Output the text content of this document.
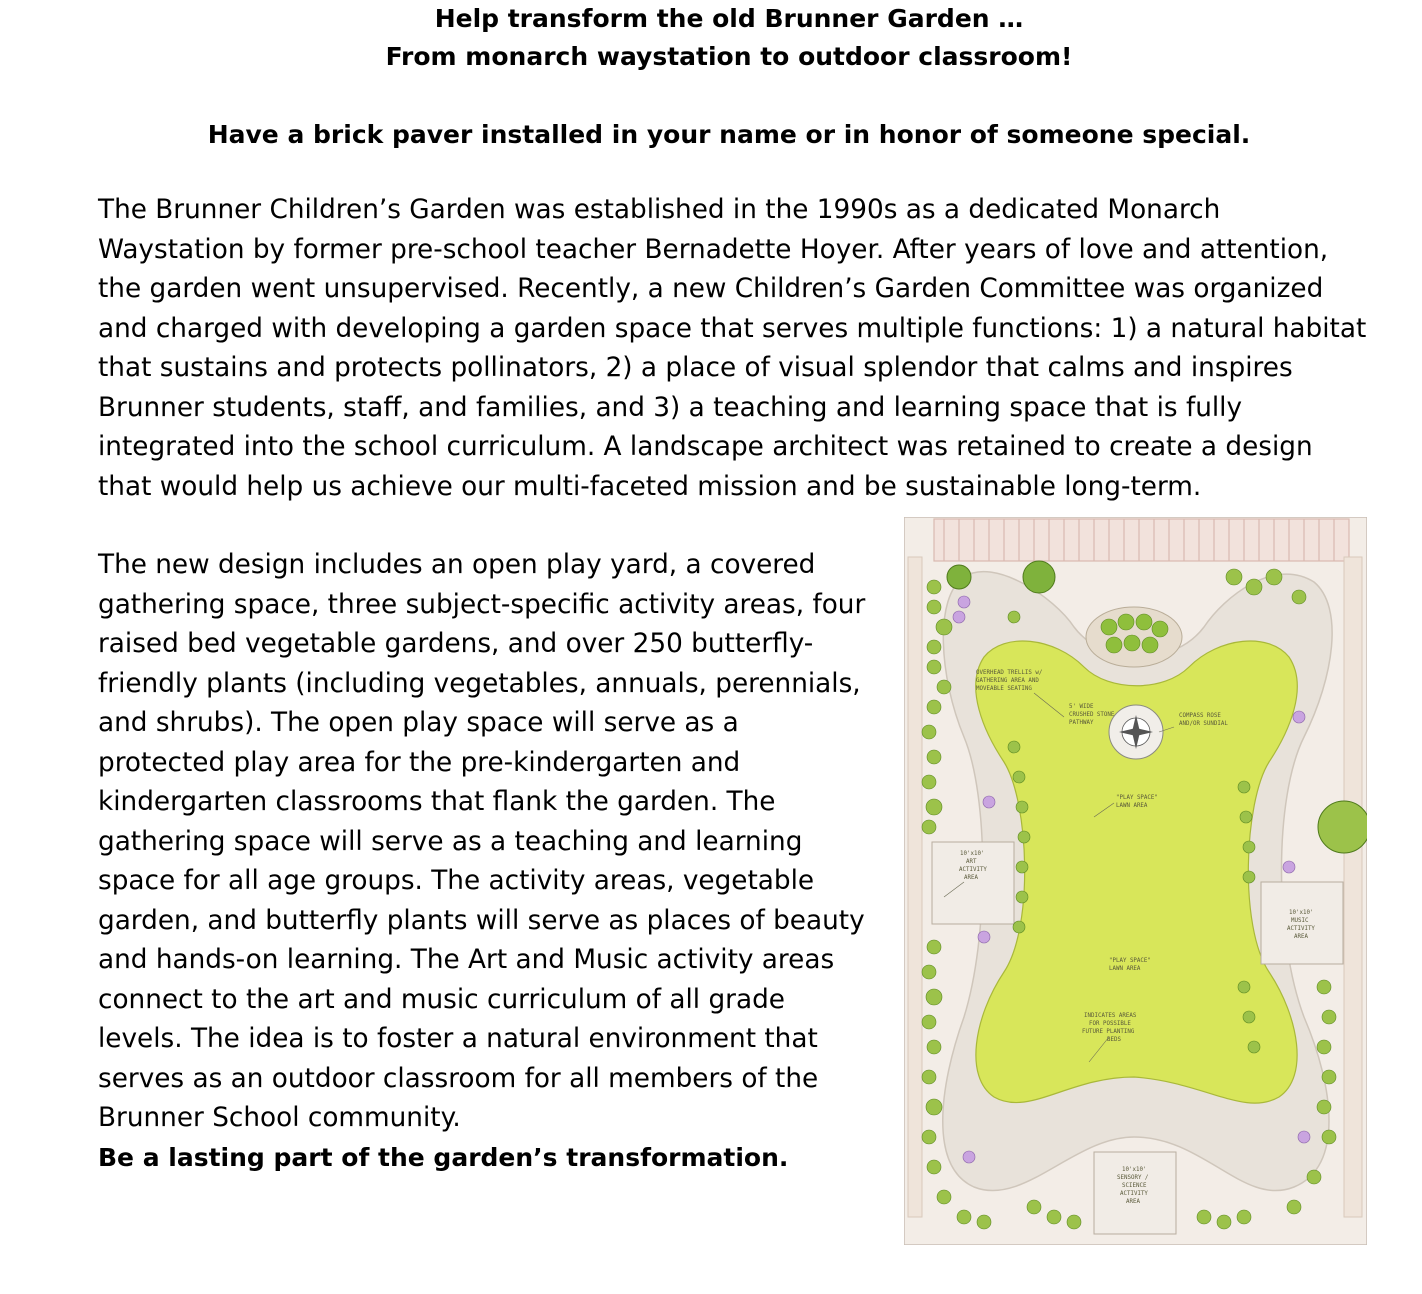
Help transform the old Brunner Garden …
From monarch waystation to outdoor classroom!
Have a brick paver installed in your name or in honor of someone special.

The Brunner Children’s Garden was established in the 1990s as a dedicated Monarch Waystation by former pre-school teacher Bernadette Hoyer. After years of love and attention, the garden went unsupervised. Recently, a new Children’s Garden Committee was organized and charged with developing a garden space that serves multiple functions: 1) a natural habitat that sustains and protects pollinators, 2) a place of visual splendor that calms and inspires Brunner students, staff, and families, and 3) a teaching and learning space that is fully integrated into the school curriculum. A landscape architect was retained to create a design that would help us achieve our multi-faceted mission and be sustainable long-term.

The new design includes an open play yard, a covered gathering space, three subject-specific activity areas, four raised bed vegetable gardens, and over 250 butterfly-friendly plants (including vegetables, annuals, perennials, and shrubs). The open play space will serve as a protected play area for the pre-kindergarten and kindergarten classrooms that flank the garden. The gathering space will serve as a teaching and learning space for all age groups. The activity areas, vegetable garden, and butterfly plants will serve as places of beauty and hands-on learning. The Art and Music activity areas connect to the art and music curriculum of all grade levels. The idea is to foster a natural environment that serves as an outdoor classroom for all members of the Brunner School community.

Be a lasting part of the garden’s transformation.

OVERHEAD TRELLIS w/
GATHERING AREA AND
MOVEABLE SEATING
5' WIDE
CRUSHED STONE
PATHWAY
COMPASS ROSE
AND/OR SUNDIAL
"PLAY SPACE"
LAWN AREA
10'x10'
ART
ACTIVITY
AREA
10'x10'
MUSIC
ACTIVITY
AREA
"PLAY SPACE"
LAWN AREA
INDICATES AREAS
FOR POSSIBLE
FUTURE PLANTING
BEDS
10'x10'
SENSORY /
SCIENCE
ACTIVITY
AREA
